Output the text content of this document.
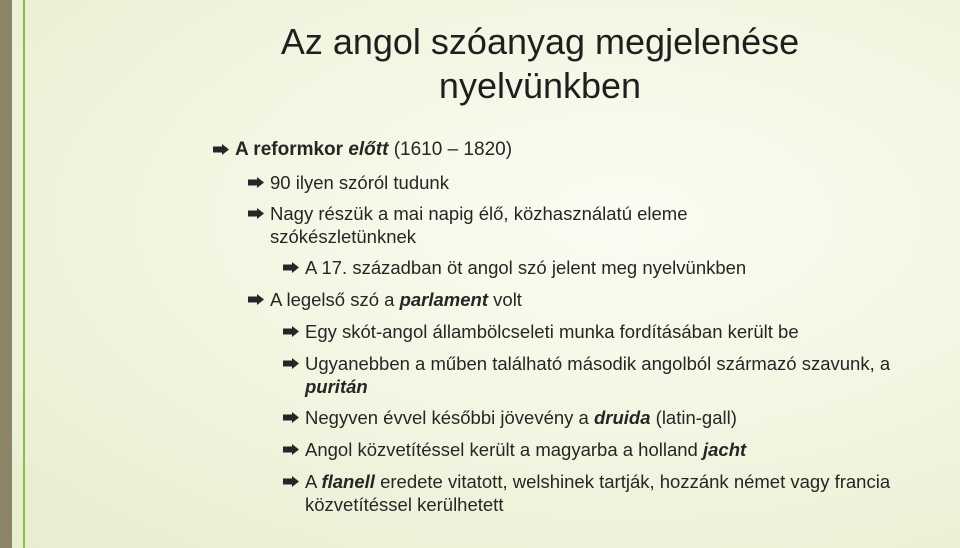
Az angol szóanyag megjelenése
nyelvünkben
A reformkor előtt (1610 – 1820)
90 ilyen szóról tudunk
Nagy részük a mai napig élő, közhasználatú eleme szókészletünknek
A 17. században öt angol szó jelent meg nyelvünkben
A legelső szó a parlament volt
Egy skót-angol állambölcseleti munka fordításában került be
Ugyanebben a műben található második angolból származó szavunk, a puritán
Negyven évvel későbbi jövevény a druida (latin-gall)
Angol közvetítéssel került a magyarba a holland jacht
A flanell eredete vitatott, welshinek tartják, hozzánk német vagy francia közvetítéssel kerülhetett
